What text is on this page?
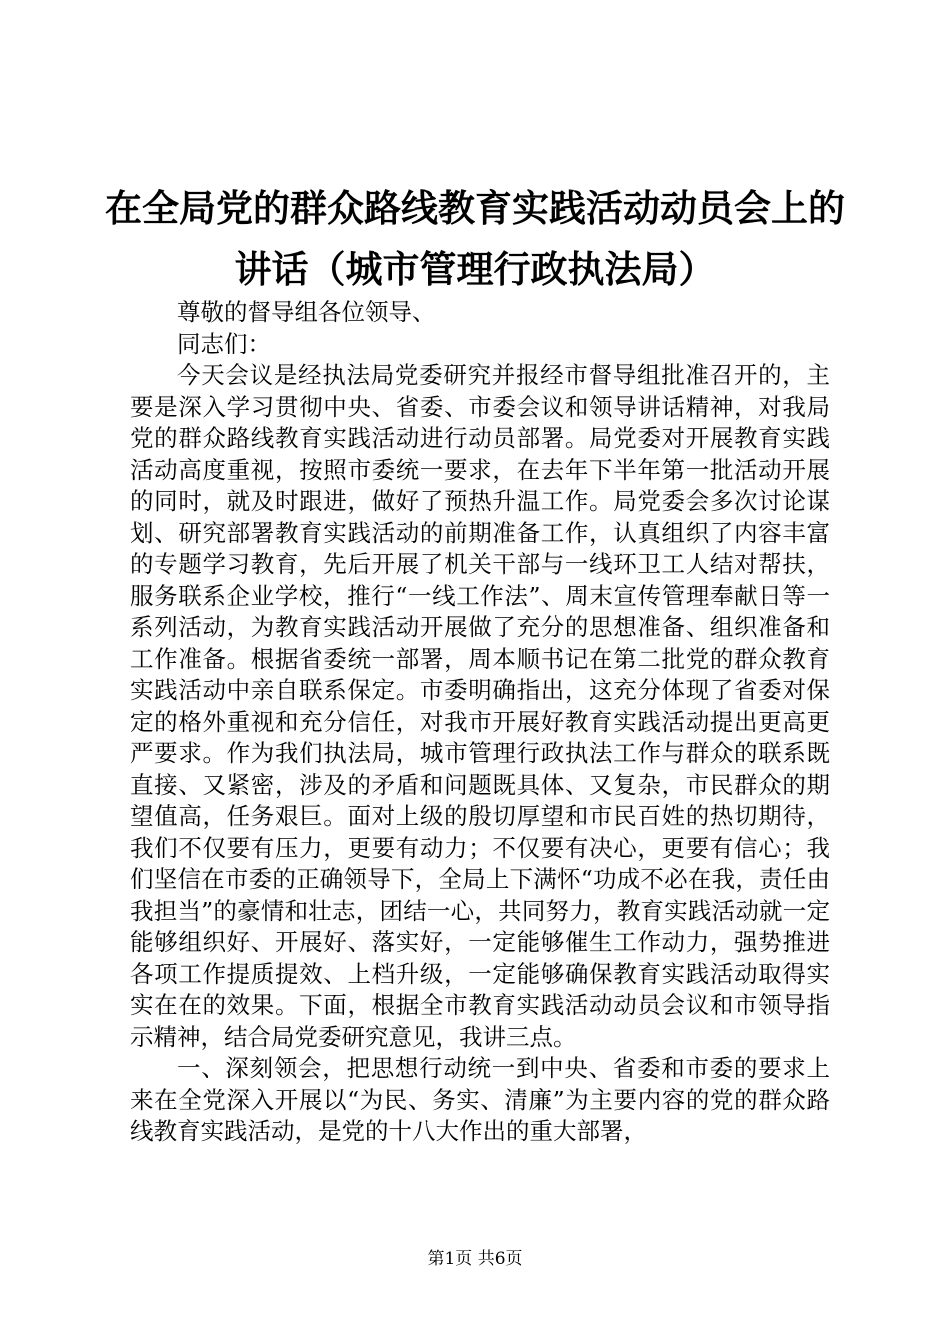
在全局党的群众路线教育实践活动动员会上的
讲话（城市管理行政执法局）

尊敬的督导组各位领导、

同志们：

今天会议是经执法局党委研究并报经市督导组批准召开的，主要是深入学习贯彻中央、省委、市委会议和领导讲话精神，对我局党的群众路线教育实践活动进行动员部署。局党委对开展教育实践活动高度重视，按照市委统一要求，在去年下半年第一批活动开展的同时，就及时跟进，做好了预热升温工作。局党委会多次讨论谋划、研究部署教育实践活动的前期准备工作，认真组织了内容丰富的专题学习教育，先后开展了机关干部与一线环卫工人结对帮扶，服务联系企业学校，推行“一线工作法”、周末宣传管理奉献日等一系列活动，为教育实践活动开展做了充分的思想准备、组织准备和工作准备。根据省委统一部署，周本顺书记在第二批党的群众教育实践活动中亲自联系保定。市委明确指出，这充分体现了省委对保定的格外重视和充分信任，对我市开展好教育实践活动提出更高更严要求。作为我们执法局，城市管理行政执法工作与群众的联系既直接、又紧密，涉及的矛盾和问题既具体、又复杂，市民群众的期望值高，任务艰巨。面对上级的殷切厚望和市民百姓的热切期待，我们不仅要有压力，更要有动力；不仅要有决心，更要有信心；我们坚信在市委的正确领导下，全局上下满怀“功成不必在我，责任由我担当”的豪情和壮志，团结一心，共同努力，教育实践活动就一定能够组织好、开展好、落实好，一定能够催生工作动力，强势推进各项工作提质提效、上档升级，一定能够确保教育实践活动取得实实在在的效果。下面，根据全市教育实践活动动员会议和市领导指示精神，结合局党委研究意见，我讲三点。

一、深刻领会，把思想行动统一到中央、省委和市委的要求上来在全党深入开展以“为民、务实、清廉”为主要内容的党的群众路线教育实践活动，是党的十八大作出的重大部署，

第1页 共6页
